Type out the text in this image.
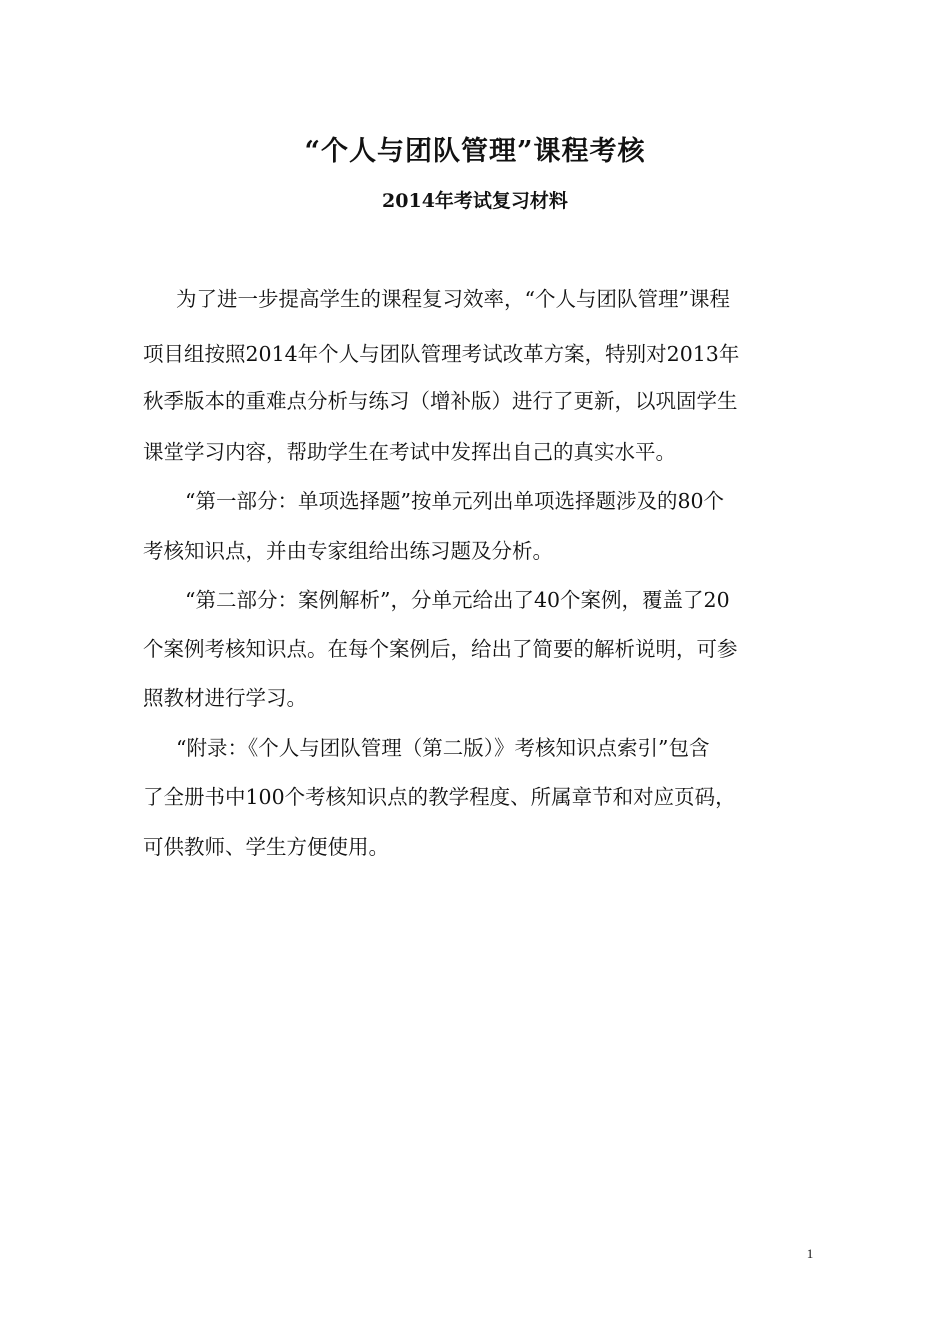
“个人与团队管理”课程考核
2014年考试复习材料
为了进一步提高学生的课程复习效率，“个人与团队管理”课程
项目组按照2014年个人与团队管理考试改革方案，特别对2013年
秋季版本的重难点分析与练习（增补版）进行了更新，以巩固学生
课堂学习内容，帮助学生在考试中发挥出自己的真实水平。
“第一部分：单项选择题”按单元列出单项选择题涉及的80个
考核知识点，并由专家组给出练习题及分析。
“第二部分：案例解析”，分单元给出了40个案例，覆盖了20
个案例考核知识点。在每个案例后，给出了简要的解析说明，可参
照教材进行学习。
“附录：《个人与团队管理（第二版）》考核知识点索引”包含
了全册书中100个考核知识点的教学程度、所属章节和对应页码，
可供教师、学生方便使用。
1
